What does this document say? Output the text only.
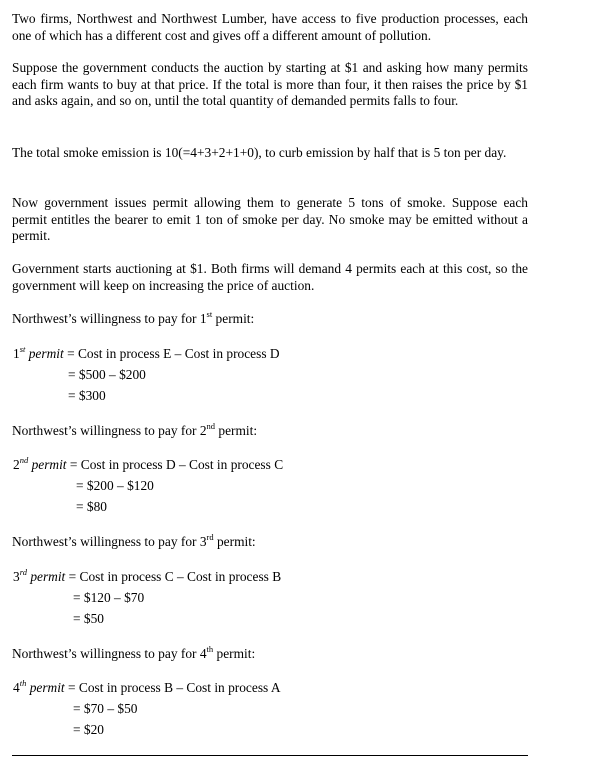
Two firms, Northwest and Northwest Lumber, have access to five production processes, each one of which has a different cost and gives off a different amount of pollution.

Suppose the government conducts the auction by starting at $1 and asking how many permits each firm wants to buy at that price. If the total is more than four, it then raises the price by $1 and asks again, and so on, until the total quantity of demanded permits falls to four.

The total smoke emission is 10(=4+3+2+1+0), to curb emission by half that is 5 ton per day.

Now government issues permit allowing them to generate 5 tons of smoke. Suppose each permit entitles the bearer to emit 1 ton of smoke per day. No smoke may be emitted without a permit.

Government starts auctioning at $1. Both firms will demand 4 permits each at this cost, so the government will keep on increasing the price of auction.

Northwest’s willingness to pay for 1st permit:
1st permit = Cost in process E – Cost in process D
= $500 – $200
= $300
Northwest’s willingness to pay for 2nd permit:
2nd permit = Cost in process D – Cost in process C
= $200 – $120
= $80
Northwest’s willingness to pay for 3rd permit:
3rd permit = Cost in process C – Cost in process B
= $120 – $70
= $50
Northwest’s willingness to pay for 4th permit:
4th permit = Cost in process B – Cost in process A
= $70 – $50
= $20
